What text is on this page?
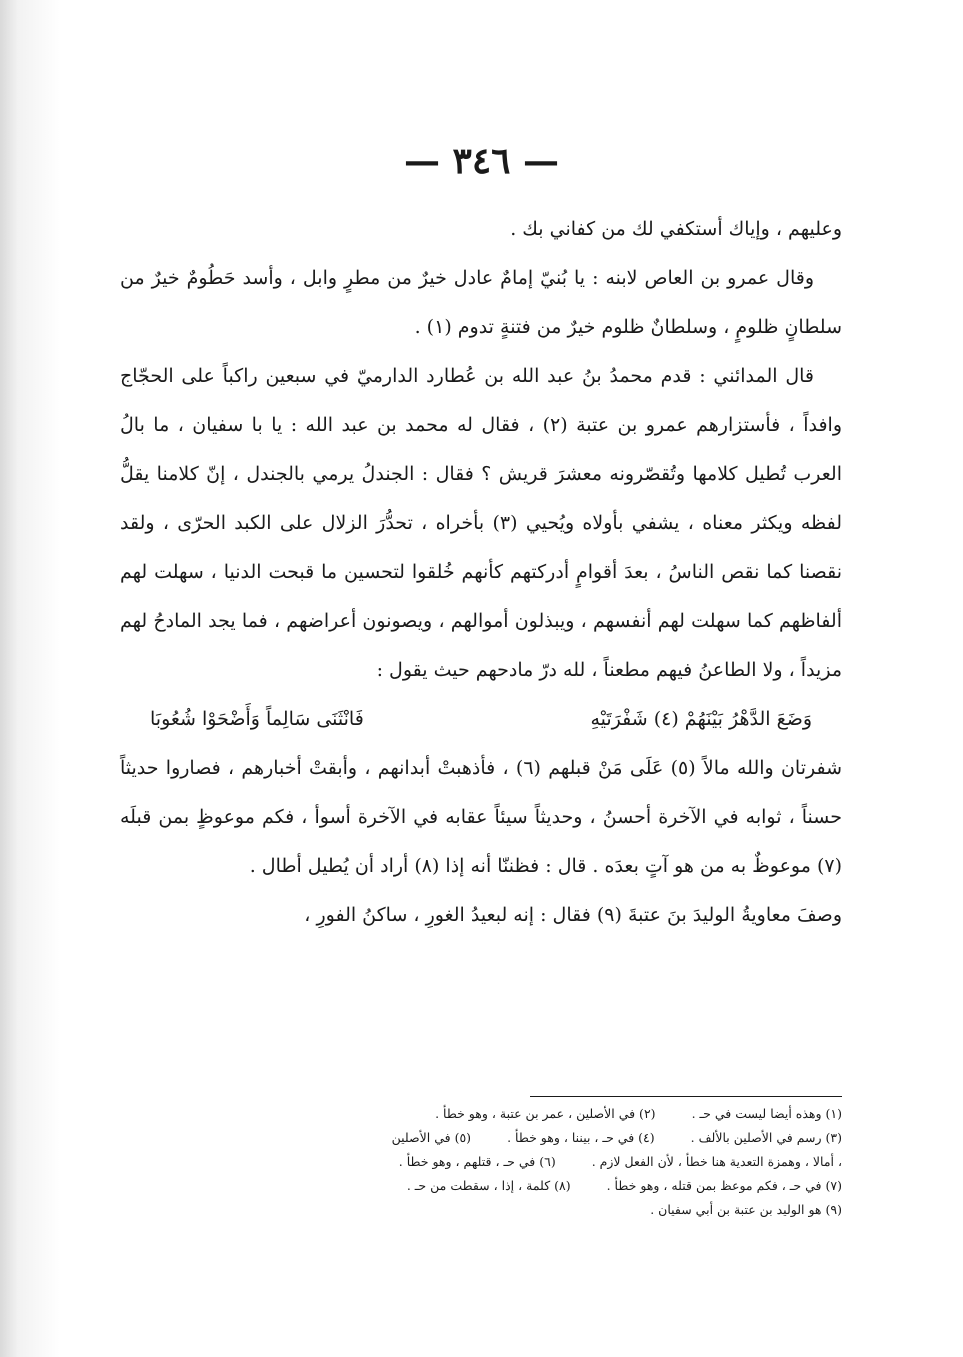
— ٣٤٦ —

وعليهم ، وإياك أستكفي لك من كفاني بك .

وقال عمرو بن العاص لابنه : يا بُنيّ إمامٌ عادل خيرٌ من مطرٍ وابل ، وأسد حَطُومٌ خيرٌ من سلطانٍ ظلومٍ ، وسلطانٌ ظلوم خيرٌ من فتنةٍ تدوم (١) .

قال المدائني : قدم محمدُ بنُ عبد الله بن عُطارد الدارميّ في سبعين راكباً على الحجّاج وافداً ، فأستزارهم عمرو بن عتبة (٢) ، فقال له محمد بن عبد الله : يا با سفيان ، ما بالُ العرب تُطيل كلامها وتُقصّرونه معشرَ قريش ؟ فقال : الجندلُ يرمي بالجندل ، إنّ كلامنا يقلُّ لفظه ويكثر معناه ، يشفي بأولاه ويُحيي (٣) بأخراه ، تحدُّرَ الزلال على الكبد الحرّى ، ولقد نقصنا كما نقص الناسُ ، بعدَ أقوامٍ أدركتهم كأنهم خُلقوا لتحسين ما قبحت الدنيا ، سهلت لهم ألفاظهم كما سهلت لهم أنفسهم ، ويبذلون أموالهم ، ويصونون أعراضهم ، فما يجد المادحُ لهم مزيداً ، ولا الطاعنُ فيهم مطعناً ، لله درّ مادحهم حيث يقول :

وَضَعَ الدَّهْرُ بَيْنَهُمْ (٤) شَفْرَتَيْهِ
فَانْثَنَى سَالِماً وَأَضْحَوْا شُعُوبَا

شفرتان والله مالاً (٥) عَلَى مَنْ قبلهم (٦) ، فأذهبتْ أبدانهم ، وأبقتْ أخبارهم ، فصاروا حديثاً حسناً ، ثوابه في الآخرة أحسنُ ، وحديثاً سيئاً عقابه في الآخرة أسوأ ، فكم موعوظٍ بمن قبلَه (٧) موعوظٌ به من هو آتٍ بعدَه . قال : فظننّا أنه إذا (٨) أراد أن يُطيل أطال .

وصفَ معاويةُ الوليدَ بنَ عتبةَ (٩) فقال : إنه لبعيدُ الغورِ ، ساكنُ الفورِ ،

(١) وهذه أيضا ليست في حـ .
(٢) في الأصلين ، عمر بن عتبة ، وهو خطأ .
(٣) رسم في الأصلين بالألف .
(٤) في حـ ، بيننا ، وهو خطأ .
(٥) في الأصلين
، أمالا ، وهمزة التعدية هنا خطأ ، لأن الفعل لازم .
(٦) في حـ ، قتلهم ، وهو خطأ .
(٧) في حـ ، فكم موعظ بمن قتله ، وهو خطأ .
(٨) كلمة ، إذا ، سقطت من حـ .
(٩) هو الوليد بن عتبة بن أبي سفيان .
